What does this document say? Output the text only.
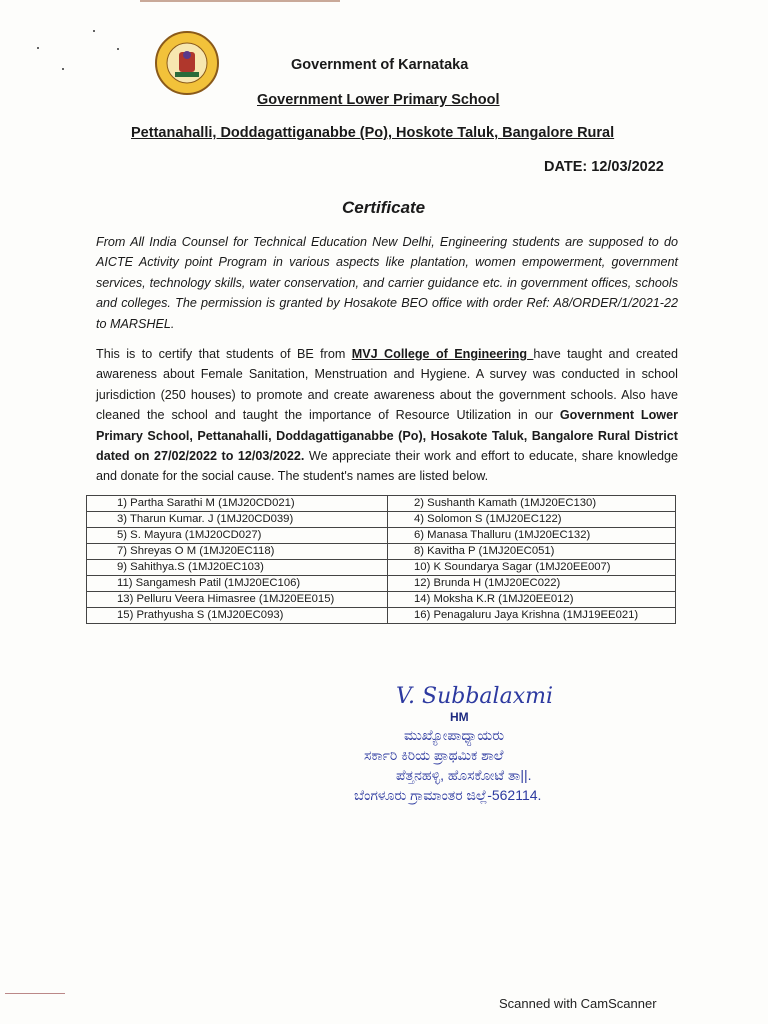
Government of Karnataka
Government Lower Primary School
Pettanahalli, Doddagattiganabbe (Po), Hoskote Taluk, Bangalore Rural
DATE: 12/03/2022
Certificate

From All India Counsel for Technical Education New Delhi, Engineering students are supposed to do AICTE Activity point Program in various aspects like plantation, women empowerment, government services, technology skills, water conservation, and carrier guidance etc. in government offices, schools and colleges. The permission is granted by Hosakote BEO office with order Ref: A8/ORDER/1/2021-22 to MARSHEL.

This is to certify that students of BE from MVJ College of Engineering have taught and created awareness about Female Sanitation, Menstruation and Hygiene. A survey was conducted in school jurisdiction (250 houses) to promote and create awareness about the government schools. Also have cleaned the school and taught the importance of Resource Utilization in our Government Lower Primary School, Pettanahalli, Doddagattiganabbe (Po), Hosakote Taluk, Bangalore Rural District dated on 27/02/2022 to 12/03/2022. We appreciate their work and effort to educate, share knowledge and donate for the social cause. The student's names are listed below.

1) Partha Sarathi M (1MJ20CD021)	2) Sushanth Kamath (1MJ20EC130)
3) Tharun Kumar. J (1MJ20CD039)	4) Solomon S (1MJ20EC122)
5) S. Mayura (1MJ20CD027)	6) Manasa Thalluru (1MJ20EC132)
7) Shreyas O M (1MJ20EC118)	8) Kavitha P (1MJ20EC051)
9) Sahithya.S (1MJ20EC103)	10) K Soundarya Sagar (1MJ20EE007)
11) Sangamesh Patil (1MJ20EC106)	12) Brunda H (1MJ20EC022)
13) Pelluru Veera Himasree (1MJ20EE015)	14) Moksha K.R (1MJ20EE012)
15) Prathyusha S (1MJ20EC093)	16) Penagaluru Jaya Krishna (1MJ19EE021)
V. Subbalaxmi
HM
ಮುಖ್ಯೋಪಾಧ್ಯಾಯರು
ಸರ್ಕಾರಿ ಕಿರಿಯ ಪ್ರಾಥಮಿಕ ಶಾಲೆ
ಪೆತ್ತನಹಳ್ಳಿ, ಹೊಸಕೋಟೆ ತಾ||.
ಬೆಂಗಳೂರು ಗ್ರಾಮಾಂತರ ಜಿಲ್ಲೆ-562114.
Scanned with CamScanner
